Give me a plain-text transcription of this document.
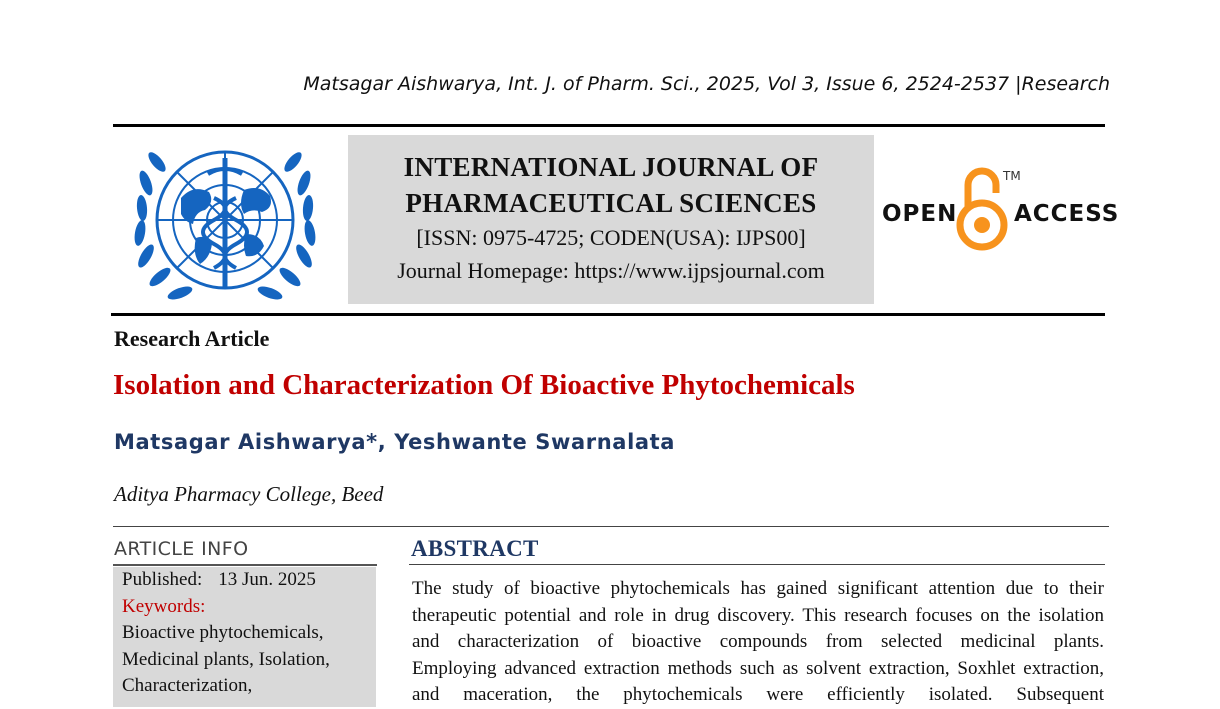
Matsagar Aishwarya, Int. J. of Pharm. Sci., 2025, Vol 3, Issue 6, 2524-2537 |Research
INTERNATIONAL JOURNAL OF
PHARMACEUTICAL SCIENCES
[ISSN: 0975-4725; CODEN(USA): IJPS00]
Journal Homepage: https://www.ijpsjournal.com
OPEN
TM
ACCESS
Research Article
Isolation and Characterization Of Bioactive Phytochemicals
Matsagar Aishwarya*, Yeshwante Swarnalata
Aditya Pharmacy College, Beed
ARTICLE INFO
Published: 13 Jun. 2025
Keywords:
Bioactive phytochemicals,
Medicinal plants, Isolation,
Characterization,
ABSTRACT
The study of bioactive phytochemicals has gained significant attention due to their
therapeutic potential and role in drug discovery. This research focuses on the isolation
and characterization of bioactive compounds from selected medicinal plants.
Employing advanced extraction methods such as solvent extraction, Soxhlet extraction,
and maceration, the phytochemicals were efficiently isolated. Subsequent
